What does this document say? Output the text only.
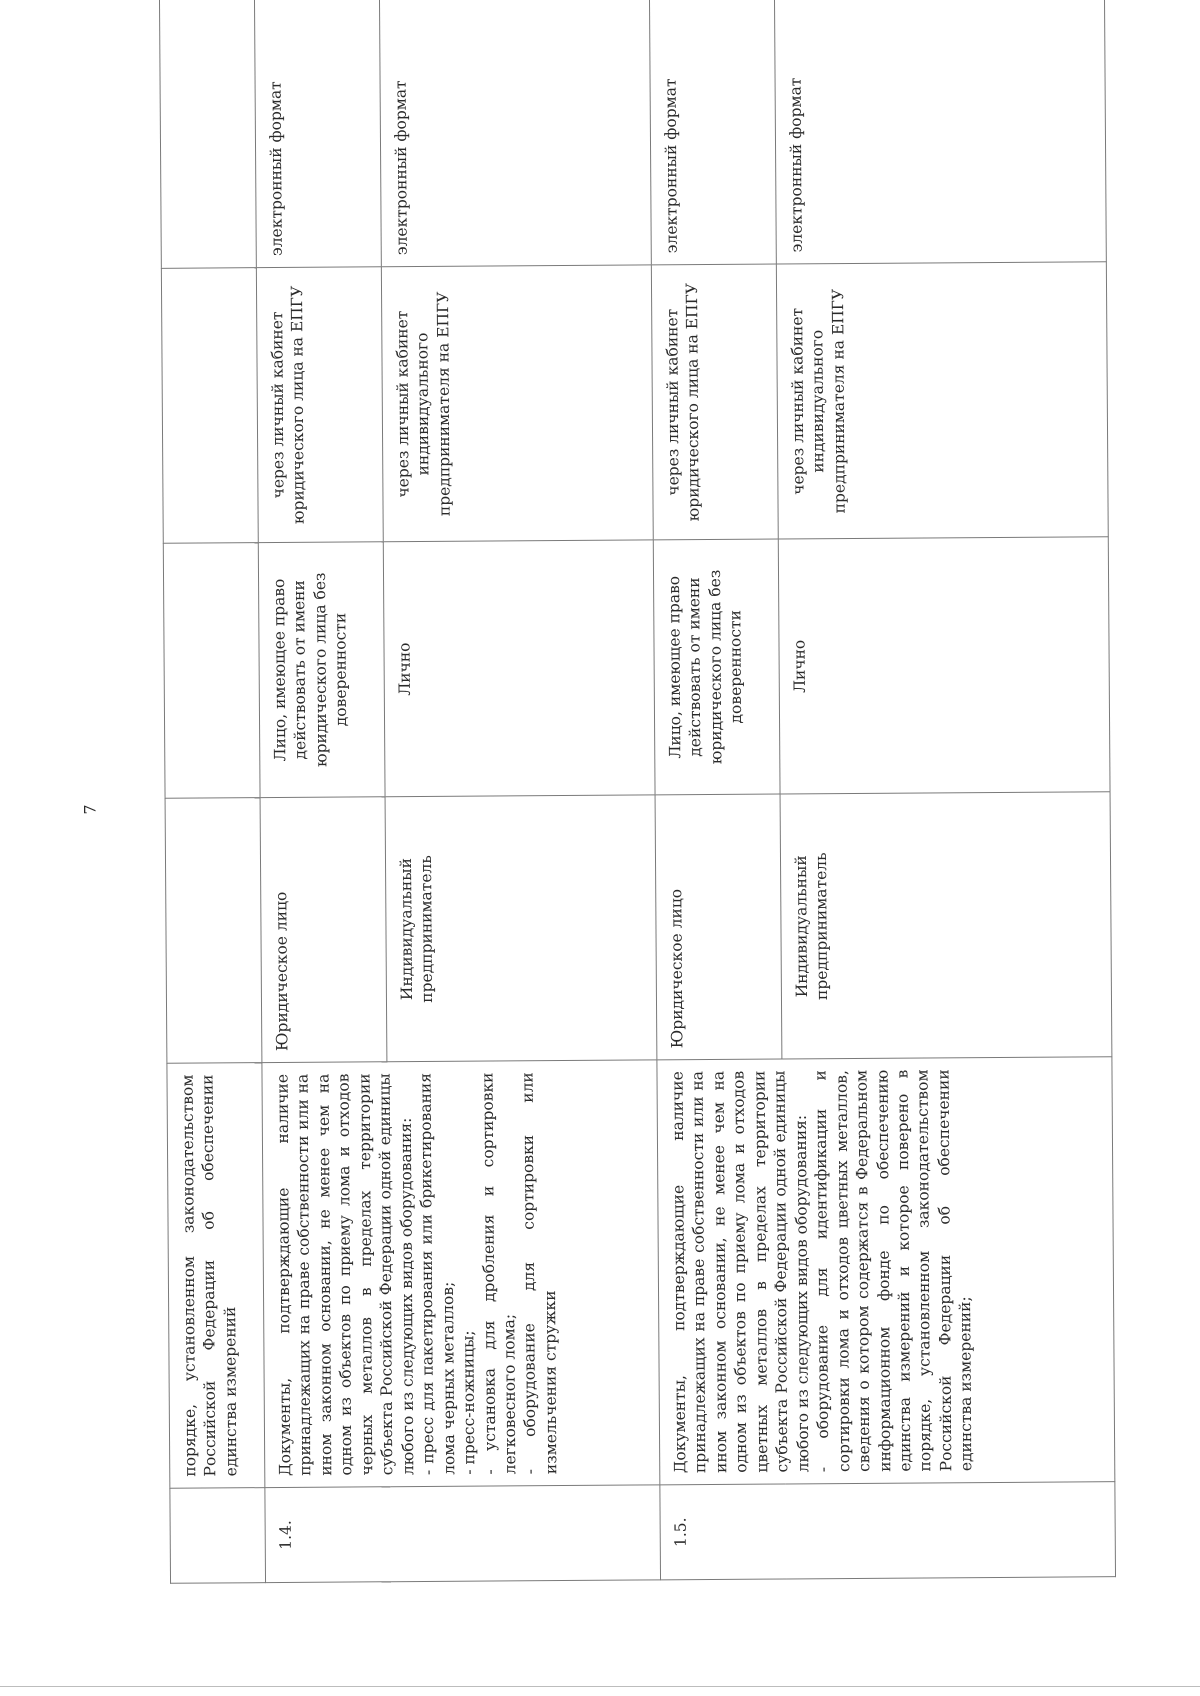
7
	порядке, установленном законодательством Российской Федерации об обеспечении единства измерений				
1.4.	Документы, подтверждающие наличие принадлежащих на праве собственности или на ином законном основании, не менее чем на одном из объектов по приему лома и отходов черных металлов в пределах территории субъекта Российской Федерации одной единицы любого из следующих видов оборудования: - пресс для пакетирования или брикетирования лома черных металлов; - пресс-ножницы; - установка для дробления и сортировки легковесного лома; - оборудование для сортировки или измельчения стружки	Юридическое лицо	Лицо, имеющее право действовать от имени юридического лица без доверенности	через личный кабинет юридического лица на ЕПГУ	электронный формат
		Индивидуальный предприниматель	Лично	через личный кабинет индивидуального предпринимателя на ЕПГУ	электронный формат
1.5.	Документы, подтверждающие наличие принадлежащих на праве собственности или на ином законном основании, не менее чем на одном из объектов по приему лома и отходов цветных металлов в пределах территории субъекта Российской Федерации одной единицы любого из следующих видов оборудования: - оборудование для идентификации и сортировки лома и отходов цветных металлов, сведения о котором содержатся в Федеральном информационном фонде по обеспечению единства измерений и которое поверено в порядке, установленном законодательством Российской Федерации об обеспечении единства измерений;	Юридическое лицо	Лицо, имеющее право действовать от имени юридического лица без доверенности	через личный кабинет юридического лица на ЕПГУ	электронный формат
		Индивидуальный предприниматель	Лично	через личный кабинет индивидуального предпринимателя на ЕПГУ	электронный формат
